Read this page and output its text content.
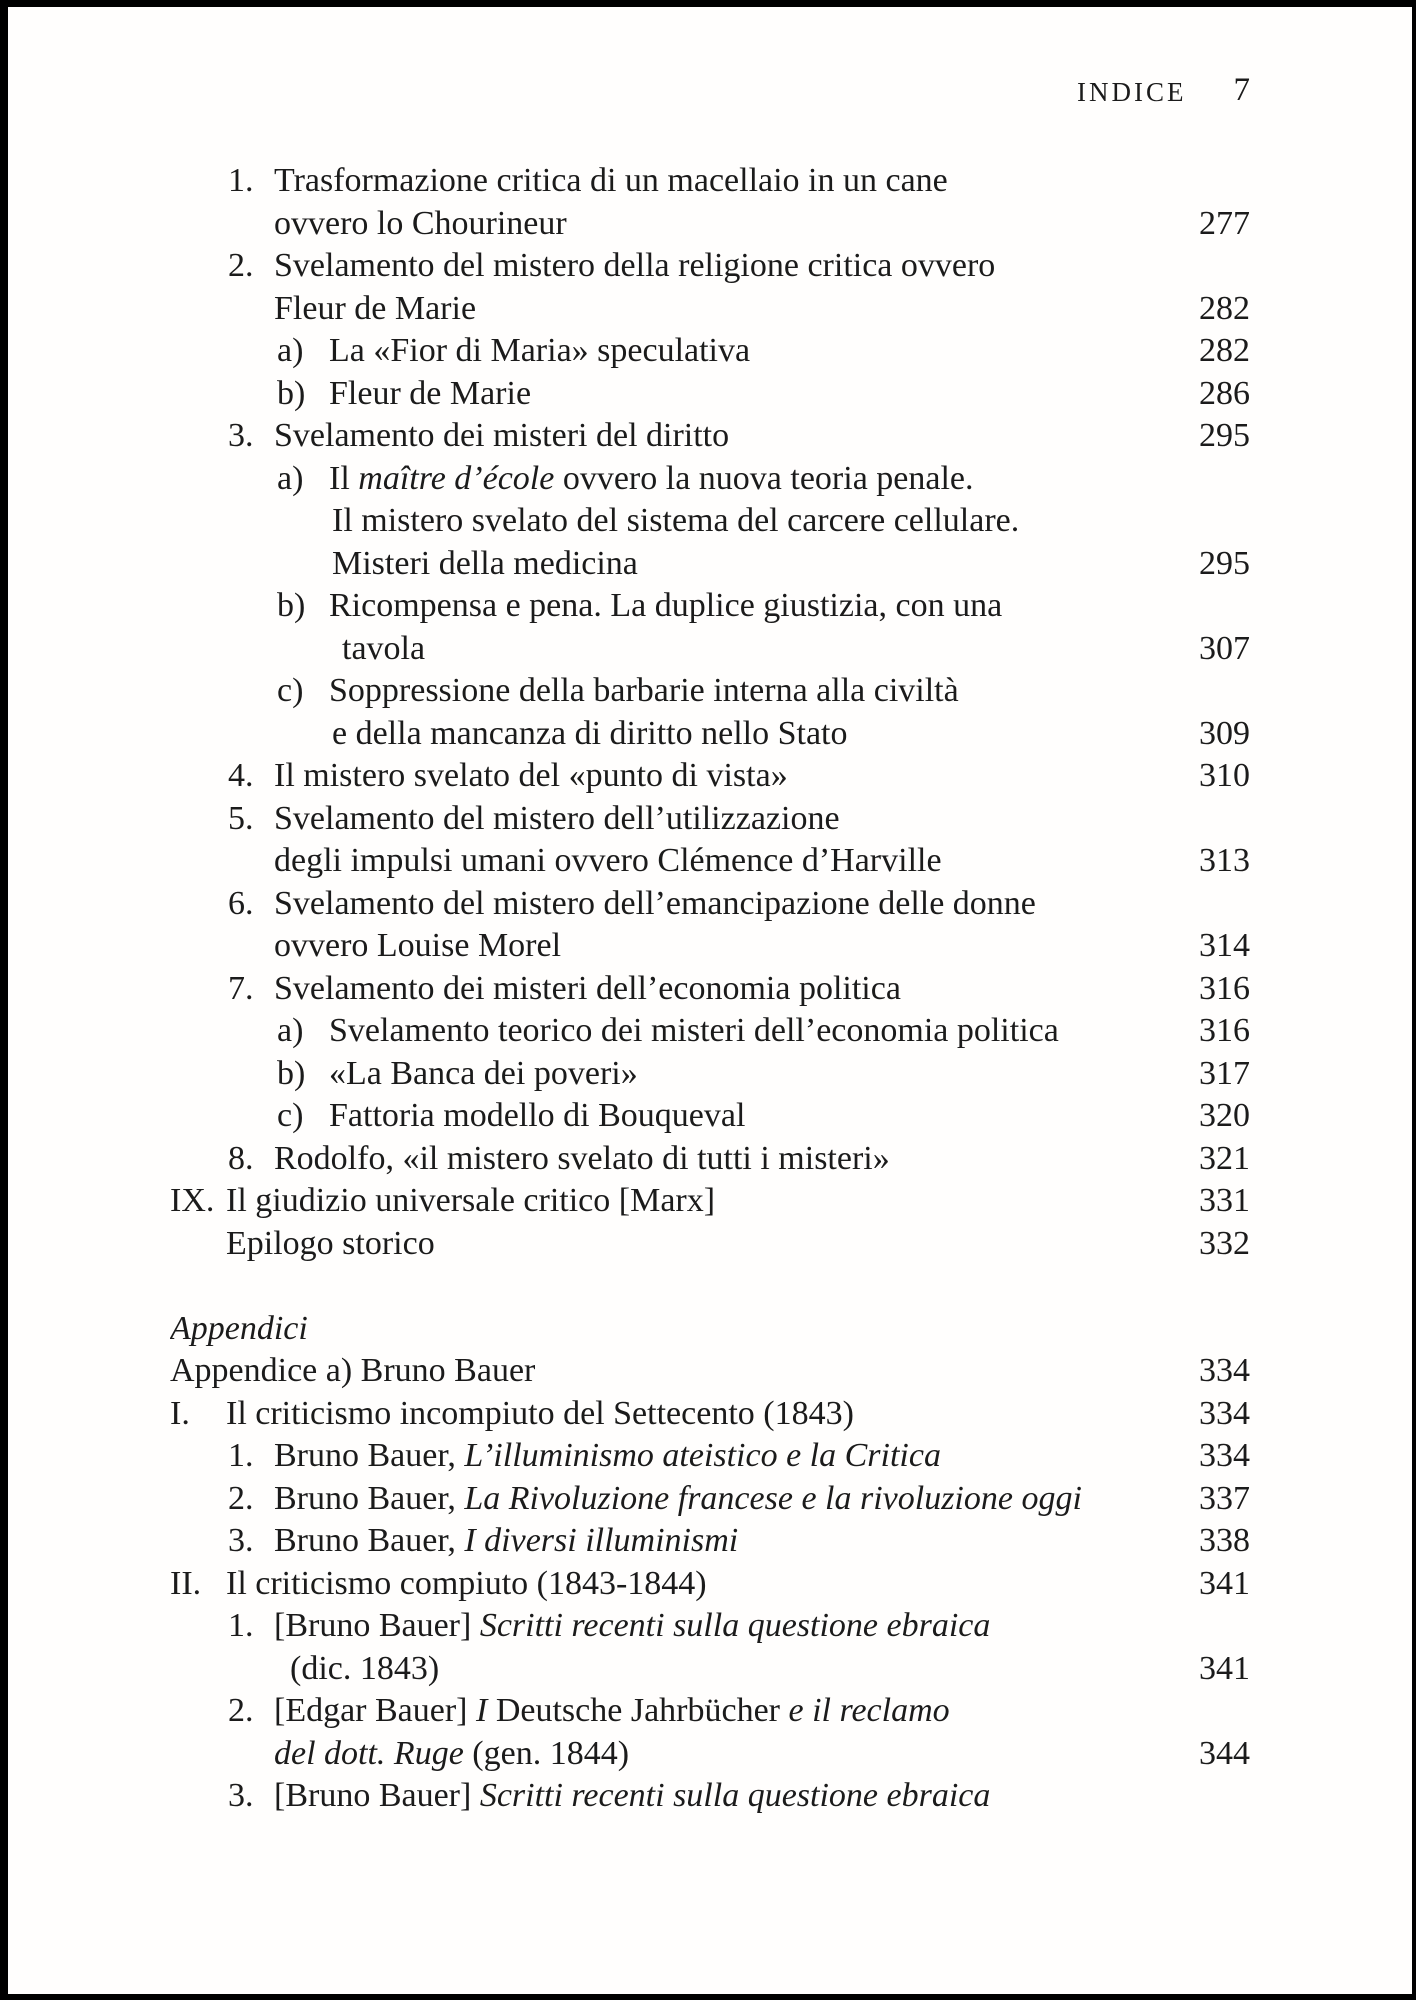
INDICE 7
1. Trasformazione critica di un macellaio in un cane
ovvero lo Chourineur	277
2. Svelamento del mistero della religione critica ovvero
Fleur de Marie	282
a) La «Fior di Maria» speculativa	282
b) Fleur de Marie	286
3. Svelamento dei misteri del diritto	295
a) Il maître d’école ovvero la nuova teoria penale.
Il mistero svelato del sistema del carcere cellulare.
Misteri della medicina	295
b) Ricompensa e pena. La duplice giustizia, con una
tavola	307
c) Soppressione della barbarie interna alla civiltà
e della mancanza di diritto nello Stato	309
4. Il mistero svelato del «punto di vista»	310
5. Svelamento del mistero dell’utilizzazione
degli impulsi umani ovvero Clémence d’Harville	313
6. Svelamento del mistero dell’emancipazione delle donne
ovvero Louise Morel	314
7. Svelamento dei misteri dell’economia politica	316
a) Svelamento teorico dei misteri dell’economia politica	316
b) «La Banca dei poveri»	317
c) Fattoria modello di Bouqueval	320
8. Rodolfo, «il mistero svelato di tutti i misteri»	321
IX. Il giudizio universale critico [Marx]	331
Epilogo storico	332
Appendici
Appendice a) Bruno Bauer	334
I.	Il criticismo incompiuto del Settecento (1843)	334
1. Bruno Bauer, L’illuminismo ateistico e la Critica	334
2. Bruno Bauer, La Rivoluzione francese e la rivoluzione oggi	337
3. Bruno Bauer, I diversi illuminismi	338
II. Il criticismo compiuto (1843-1844)	341
1. [Bruno Bauer] Scritti recenti sulla questione ebraica
(dic. 1843)	341
2. [Edgar Bauer] I Deutsche Jahrbücher e il reclamo
del dott. Ruge (gen. 1844)	344
3. [Bruno Bauer] Scritti recenti sulla questione ebraica
